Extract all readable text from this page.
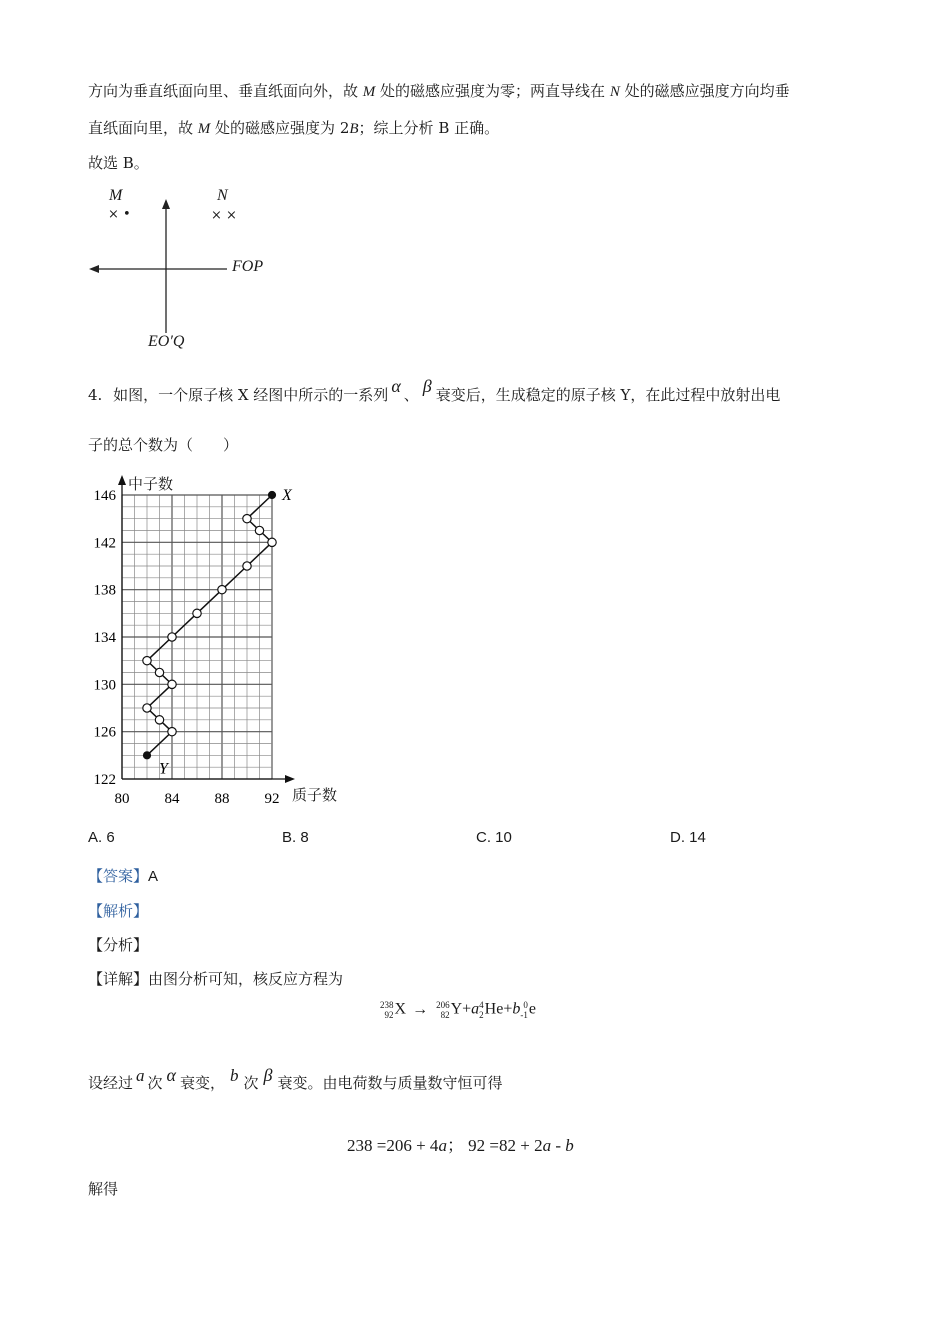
方向为垂直纸面向里、垂直纸面向外，故 M 处的磁感应强度为零；两直导线在 N 处的磁感应强度方向均垂
直纸面向里，故 M 处的磁感应强度为 2B；综上分析 B 正确。
故选 B。
M
× •
N
× ×
FOP
EO′Q
4. 如图，一个原子核 X 经图中所示的一系列 α 、 β 衰变后，生成稳定的原子核 Y，在此过程中放射出电
子的总个数为（　　）
80 84 88 92
122
126
130
134
138
142
146	X
Y
中子数
质子数
A. 6	B. 8	C. 10	D. 14
【答案】A
【解析】
【分析】
【详解】由图分析可知，核反应方程为
238
92 X → 206
82 Y+a 4
2 He+b 0
-1 e
设经过 a 次 α 衰变， b 次 β 衰变。由电荷数与质量数守恒可得
238 =206 + 4a； 92 =82 + 2a - b
解得
